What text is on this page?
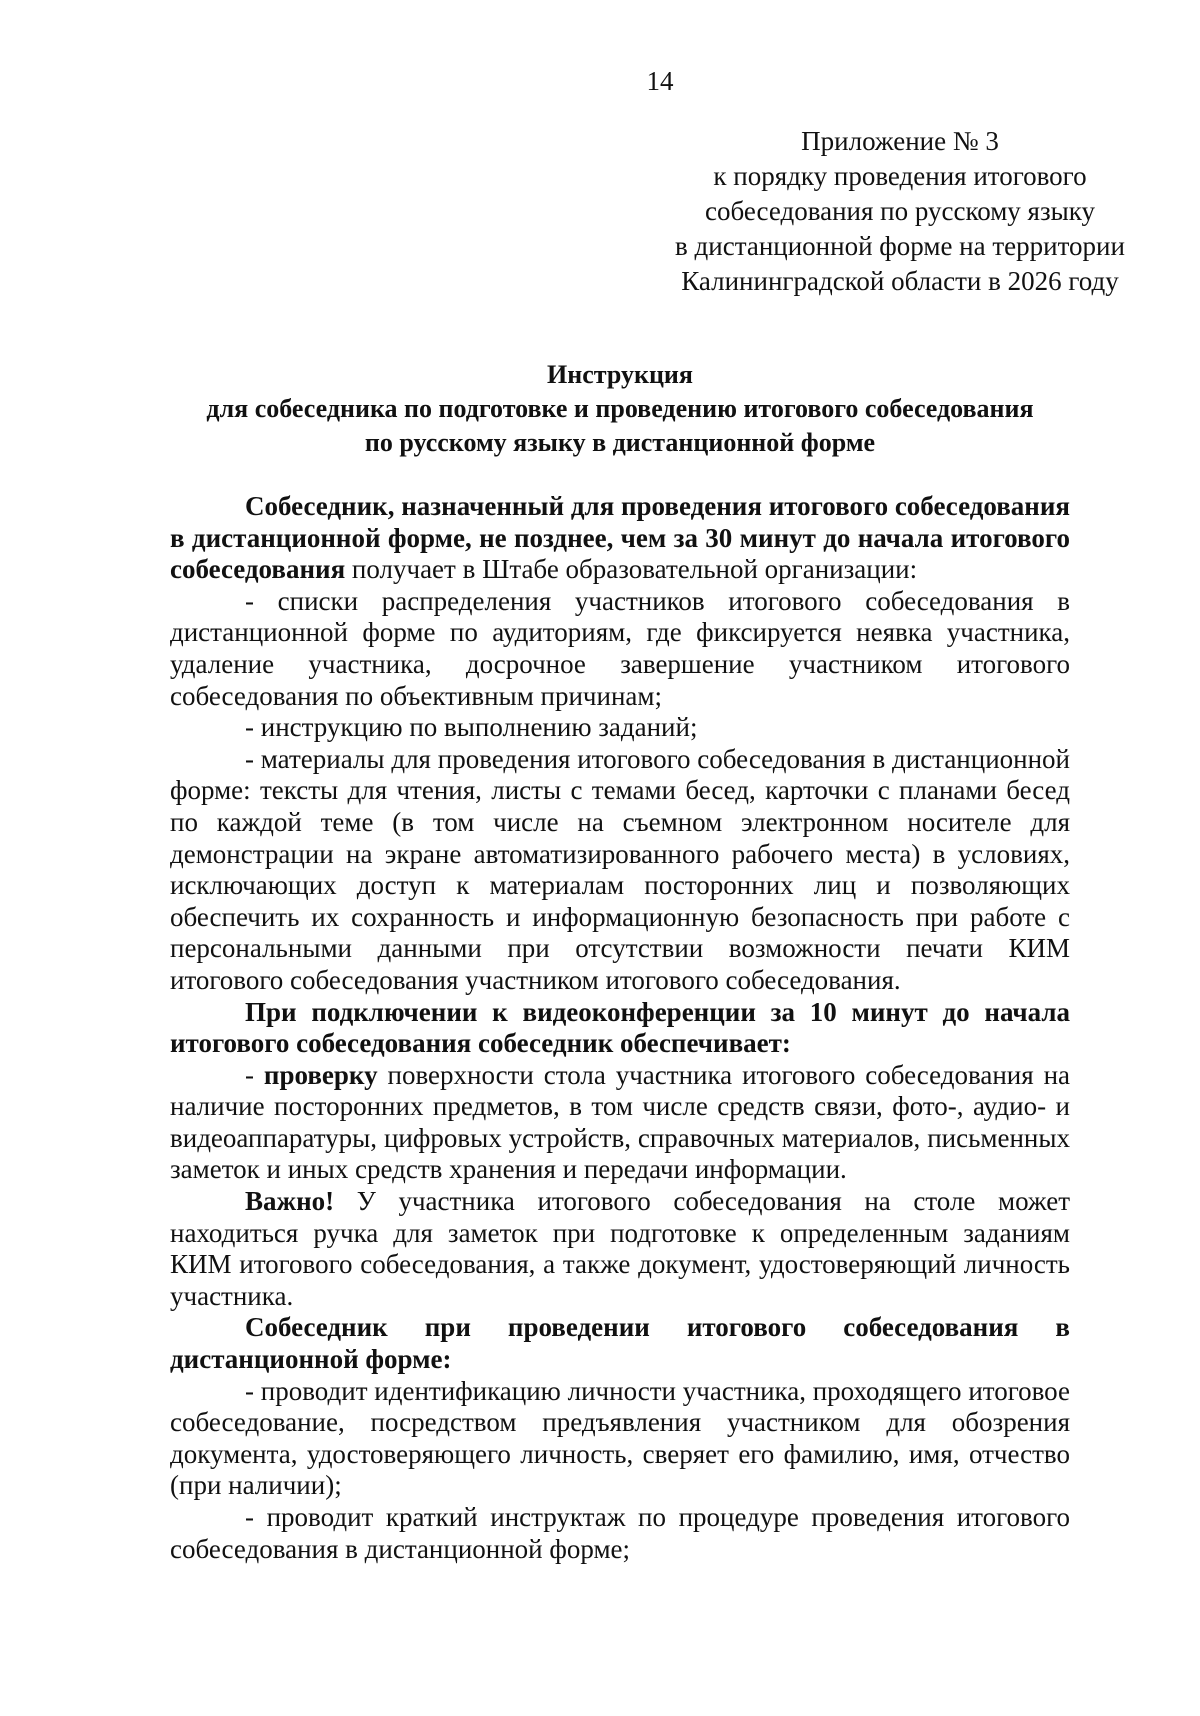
14
Приложение № 3
к порядку проведения итогового
собеседования по русскому языку
в дистанционной форме на территории
Калининградской области в 2026 году
Инструкция
для собеседника по подготовке и проведению итогового собеседования
по русскому языку в дистанционной форме

Собеседник, назначенный для проведения итогового собеседования в дистанционной форме, не позднее, чем за 30 минут до начала итогового собеседования получает в Штабе образовательной организации:

- списки распределения участников итогового собеседования в дистанционной форме по аудиториям, где фиксируется неявка участника, удаление участника, досрочное завершение участником итогового собеседования по объективным причинам;

- инструкцию по выполнению заданий;

- материалы для проведения итогового собеседования в дистанционной форме: тексты для чтения, листы с темами бесед, карточки с планами бесед по каждой теме (в том числе на съемном электронном носителе для демонстрации на экране автоматизированного рабочего места) в условиях, исключающих доступ к материалам посторонних лиц и позволяющих обеспечить их сохранность и информационную безопасность при работе с персональными данными при отсутствии возможности печати КИМ итогового собеседования участником итогового собеседования.

При подключении к видеоконференции за 10 минут до начала итогового собеседования собеседник обеспечивает:

- проверку поверхности стола участника итогового собеседования на наличие посторонних предметов, в том числе средств связи, фото-, аудио- и видеоаппаратуры, цифровых устройств, справочных материалов, письменных заметок и иных средств хранения и передачи информации.

Важно! У участника итогового собеседования на столе может находиться ручка для заметок при подготовке к определенным заданиям КИМ итогового собеседования, а также документ, удостоверяющий личность участника.

Собеседник при проведении итогового собеседования в дистанционной форме:

- проводит идентификацию личности участника, проходящего итоговое собеседование, посредством предъявления участником для обозрения документа, удостоверяющего личность, сверяет его фамилию, имя, отчество (при наличии);

- проводит краткий инструктаж по процедуре проведения итогового собеседования в дистанционной форме;
